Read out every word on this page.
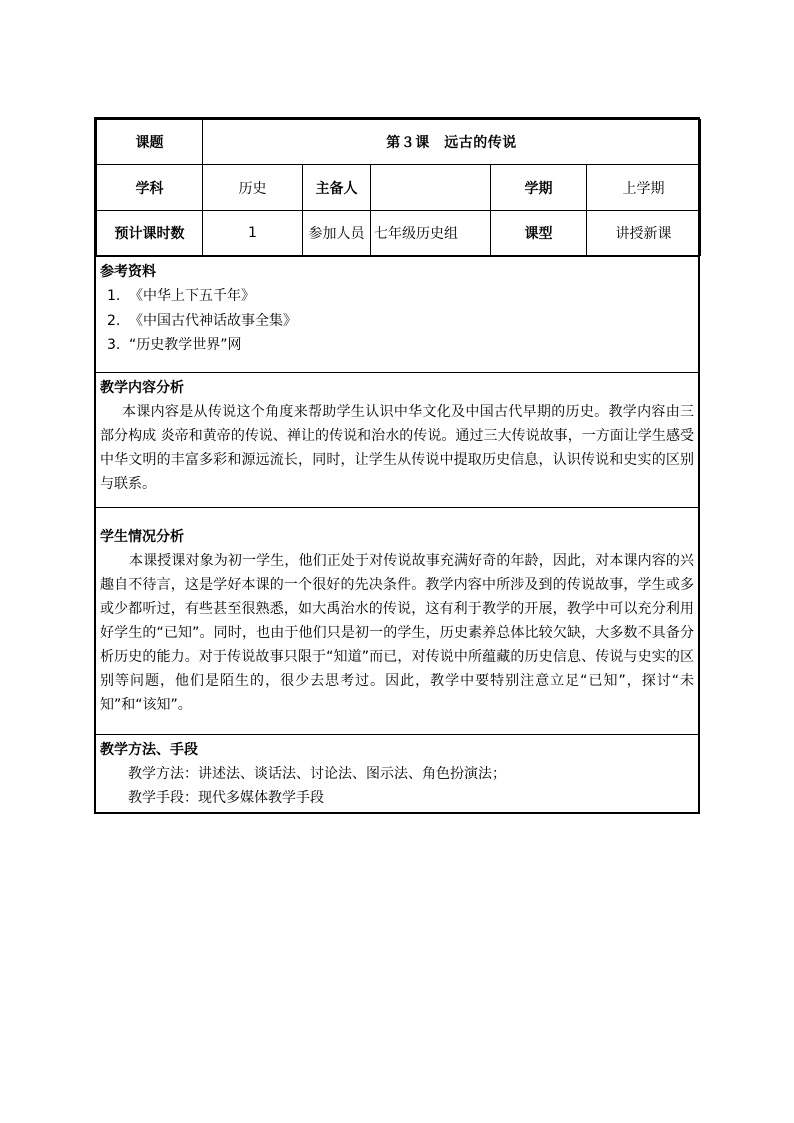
课题	第３课　远古的传说				
学科	历史	主备人		学期	上学期
预计课时数	1	参加人员	七年级历史组	课型	讲授新课
参考资料
1. 《中华上下五千年》
2. 《中国古代神话故事全集》
3. “历史教学世界”网
教学内容分析
本课内容是从传说这个角度来帮助学生认识中华文化及中国古代早期的历史。教学内容由三部分构成 炎帝和黄帝的传说、禅让的传说和治水的传说。通过三大传说故事，一方面让学生感受中华文明的丰富多彩和源远流长，同时，让学生从传说中提取历史信息，认识传说和史实的区别与联系。
学生情况分析
本课授课对象为初一学生，他们正处于对传说故事充满好奇的年龄，因此，对本课内容的兴趣自不待言，这是学好本课的一个很好的先决条件。教学内容中所涉及到的传说故事，学生或多或少都听过，有些甚至很熟悉，如大禹治水的传说，这有利于教学的开展，教学中可以充分利用好学生的“已知”。同时，也由于他们只是初一的学生，历史素养总体比较欠缺，大多数不具备分析历史的能力。对于传说故事只限于“知道”而已，对传说中所蕴藏的历史信息、传说与史实的区别等问题，他们是陌生的，很少去思考过。因此，教学中要特别注意立足“已知”，探讨“未知”和“该知”。
教学方法、手段
教学方法：讲述法、谈话法、讨论法、图示法、角色扮演法；
教学手段：现代多媒体教学手段
